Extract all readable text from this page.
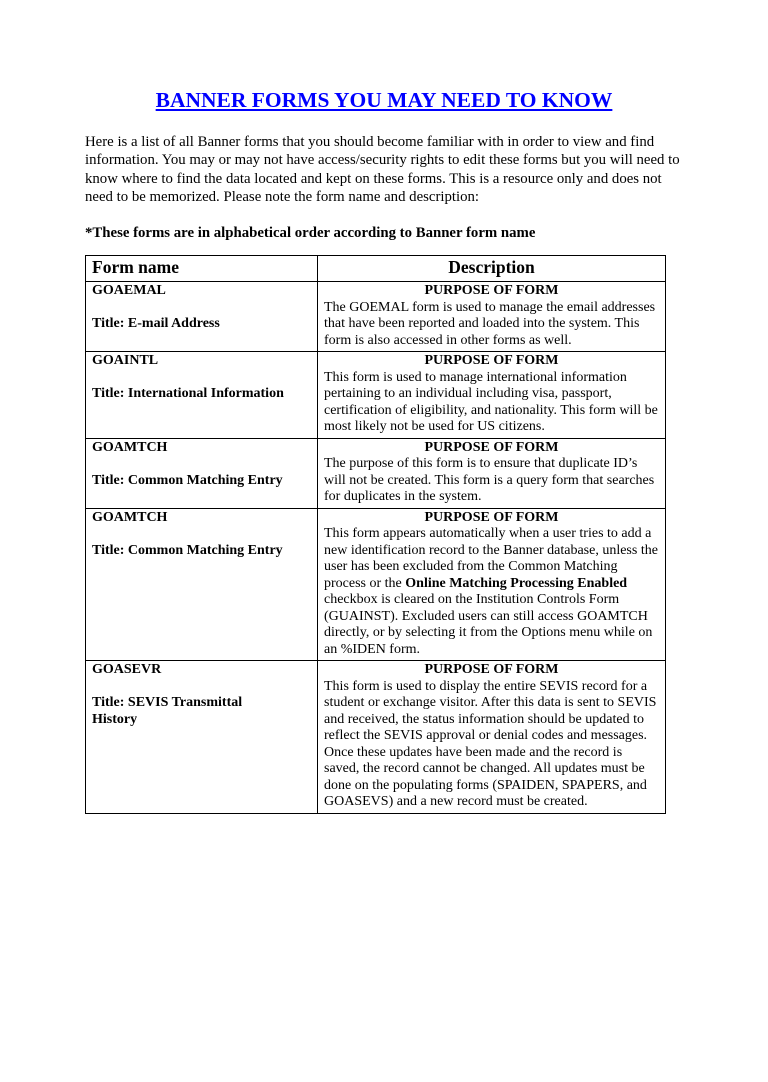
BANNER FORMS YOU MAY NEED TO KNOW

Here is a list of all Banner forms that you should become familiar with in order to view and find information. You may or may not have access/security rights to edit these forms but you will need to know where to find the data located and kept on these forms. This is a resource only and does not need to be memorized. Please note the form name and description:

*These forms are in alphabetical order according to Banner form name

Form name	Description

GOAEMAL
Title: E-mail Address

PURPOSE OF FORM
The GOEMAL form is used to manage the email addresses that have been reported and loaded into the system. This form is also accessed in other forms as well.

GOAINTL
Title: International Information

PURPOSE OF FORM
This form is used to manage international information pertaining to an individual including visa, passport, certification of eligibility, and nationality. This form will be most likely not be used for US citizens.

GOAMTCH
Title: Common Matching Entry

PURPOSE OF FORM
The purpose of this form is to ensure that duplicate ID’s will not be created. This form is a query form that searches for duplicates in the system.

GOAMTCH
Title: Common Matching Entry

PURPOSE OF FORM
This form appears automatically when a user tries to add a new identification record to the Banner database, unless the user has been excluded from the Common Matching process or the Online Matching Processing Enabled checkbox is cleared on the Institution Controls Form (GUAINST). Excluded users can still access GOAMTCH directly, or by selecting it from the Options menu while on an %IDEN form.

GOASEVR
Title: SEVIS Transmittal History

PURPOSE OF FORM
This form is used to display the entire SEVIS record for a student or exchange visitor. After this data is sent to SEVIS and received, the status information should be updated to reflect the SEVIS approval or denial codes and messages. Once these updates have been made and the record is saved, the record cannot be changed. All updates must be done on the populating forms (SPAIDEN, SPAPERS, and GOASEVS) and a new record must be created.
